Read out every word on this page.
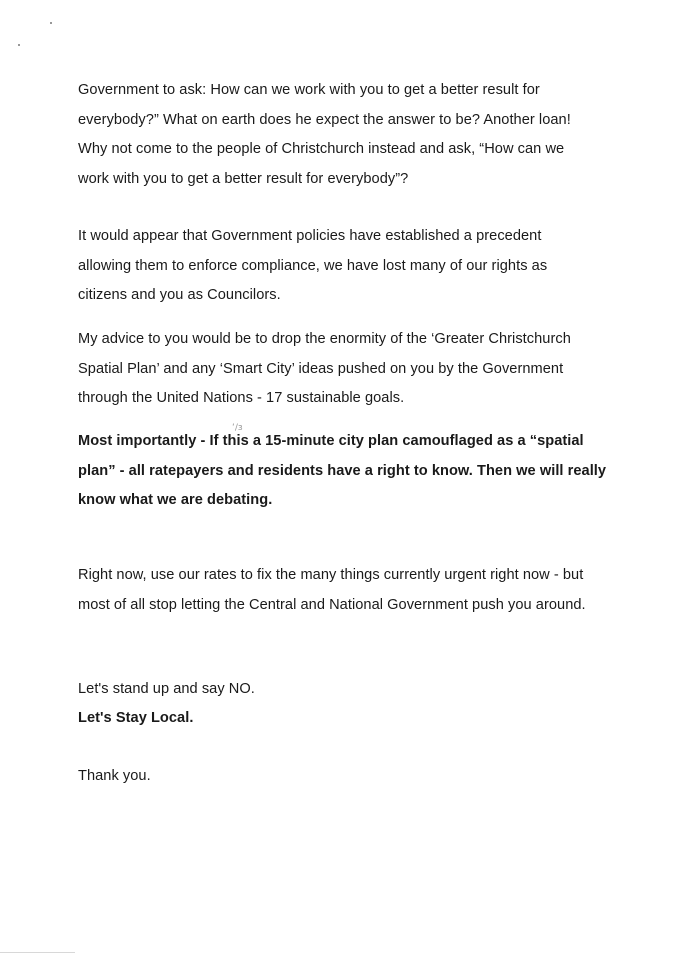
Government to ask: How can we work with you to get a better result for
everybody?” What on earth does he expect the answer to be? Another loan!
Why not come to the people of Christchurch instead and ask, “How can we
work with you to get a better result for everybody”?

It would appear that Government policies have established a precedent
allowing them to enforce compliance, we have lost many of our rights as
citizens and you as Councilors.

My advice to you would be to drop the enormity of the ‘Greater Christchurch
Spatial Plan’ and any ‘Smart City’ ideas pushed on you by the Government
through the United Nations - 17 sustainable goals.

ʻ/ɜ

Most importantly - If this a 15-minute city plan camouflaged as a “spatial
plan” - all ratepayers and residents have a right to know. Then we will really
know what we are debating.

Right now, use our rates to fix the many things currently urgent right now - but
most of all stop letting the Central and National Government push you around.

Let's stand up and say NO.

Let's Stay Local.

Thank you.
